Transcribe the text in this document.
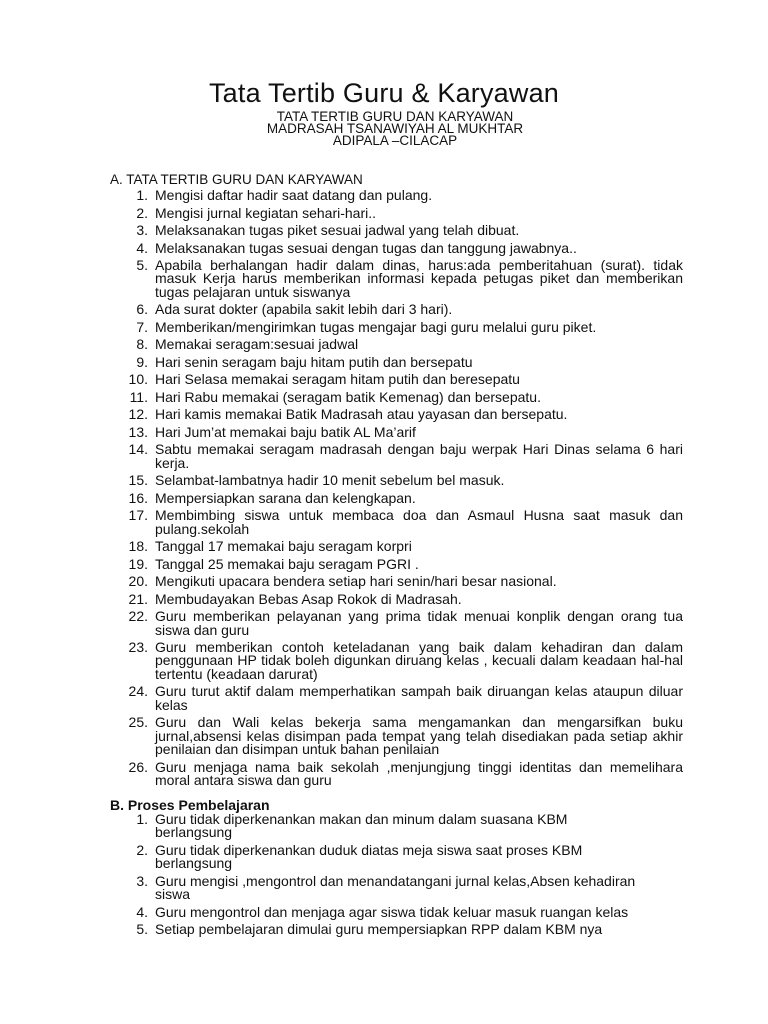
Tata Tertib Guru & Karyawan

TATA TERTIB GURU DAN KARYAWAN

MADRASAH TSANAWIYAH AL MUKHTAR

ADIPALA –CILACAP

A. TATA TERTIB GURU DAN KARYAWAN
1. Mengisi daftar hadir saat datang dan pulang.
2. Mengisi jurnal kegiatan sehari-hari..
3. Melaksanakan tugas piket sesuai jadwal yang telah dibuat.
4. Melaksanakan tugas sesuai dengan tugas dan tanggung jawabnya..
5. Apabila berhalangan hadir dalam dinas, harus:ada pemberitahuan (surat). tidak masuk Kerja harus memberikan informasi kepada petugas piket dan memberikan tugas pelajaran untuk siswanya
6. Ada surat dokter (apabila sakit lebih dari 3 hari).
7. Memberikan/mengirimkan tugas mengajar bagi guru melalui guru piket.
8. Memakai seragam:sesuai jadwal
9. Hari senin seragam baju hitam putih dan bersepatu
10. Hari Selasa memakai seragam hitam putih dan beresepatu
11. Hari Rabu memakai (seragam batik Kemenag) dan bersepatu.
12. Hari kamis memakai Batik Madrasah atau yayasan dan bersepatu.
13. Hari Jum’at memakai baju batik AL Ma’arif
14. Sabtu memakai seragam madrasah dengan baju werpak Hari Dinas selama 6 hari kerja.
15. Selambat-lambatnya hadir 10 menit sebelum bel masuk.
16. Mempersiapkan sarana dan kelengkapan.
17. Membimbing siswa untuk membaca doa dan Asmaul Husna saat masuk dan pulang.sekolah
18. Tanggal 17 memakai baju seragam korpri
19. Tanggal 25 memakai baju seragam PGRI .
20. Mengikuti upacara bendera setiap hari senin/hari besar nasional.
21. Membudayakan Bebas Asap Rokok di Madrasah.
22. Guru memberikan pelayanan yang prima tidak menuai konplik dengan orang tua siswa dan guru
23. Guru memberikan contoh keteladanan yang baik dalam kehadiran dan dalam penggunaan HP tidak boleh digunkan diruang kelas , kecuali dalam keadaan hal-hal tertentu (keadaan darurat)
24. Guru turut aktif dalam memperhatikan sampah baik diruangan kelas ataupun diluar kelas
25. Guru dan Wali kelas bekerja sama mengamankan dan mengarsifkan buku jurnal,absensi kelas disimpan pada tempat yang telah disediakan pada setiap akhir penilaian dan disimpan untuk bahan penilaian
26. Guru menjaga nama baik sekolah ,menjungjung tinggi identitas dan memelihara moral antara siswa dan guru
B. Proses Pembelajaran
1. Guru tidak diperkenankan makan dan minum dalam suasana KBM berlangsung
2. Guru tidak diperkenankan duduk diatas meja siswa saat proses KBM berlangsung
3. Guru mengisi ,mengontrol dan menandatangani jurnal kelas,Absen kehadiran siswa
4. Guru mengontrol dan menjaga agar siswa tidak keluar masuk ruangan kelas
5. Setiap pembelajaran dimulai guru mempersiapkan RPP dalam KBM nya
